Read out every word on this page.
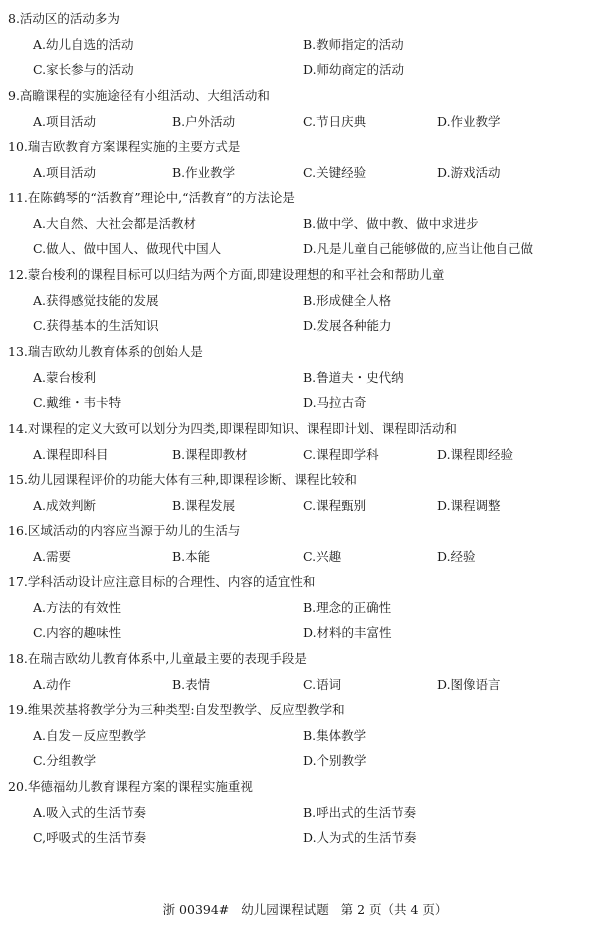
8.活动区的活动多为
A.幼儿自选的活动	B.教师指定的活动
C.家长参与的活动	D.师幼商定的活动
9.高瞻课程的实施途径有小组活动、大组活动和
A.项目活动	B.户外活动	C.节日庆典	D.作业教学
10.瑞吉欧教育方案课程实施的主要方式是
A.项目活动	B.作业教学	C.关键经验	D.游戏活动
11.在陈鹤琴的“活教育”理论中,“活教育”的方法论是
A.大自然、大社会都是活教材	B.做中学、做中教、做中求进步
C.做人、做中国人、做现代中国人	D.凡是儿童自己能够做的,应当让他自己做
12.蒙台梭利的课程目标可以归结为两个方面,即建设理想的和平社会和帮助儿童
A.获得感觉技能的发展	B.形成健全人格
C.获得基本的生活知识	D.发展各种能力
13.瑞吉欧幼儿教育体系的创始人是
A.蒙台梭利	B.鲁道夫・史代纳
C.戴维・韦卡特	D.马拉古奇
14.对课程的定义大致可以划分为四类,即课程即知识、课程即计划、课程即活动和
A.课程即科目	B.课程即教材	C.课程即学科	D.课程即经验
15.幼儿园课程评价的功能大体有三种,即课程诊断、课程比较和
A.成效判断	B.课程发展	C.课程甄别	D.课程调整
16.区域活动的内容应当源于幼儿的生活与
A.需要	B.本能	C.兴趣	D.经验
17.学科活动设计应注意目标的合理性、内容的适宜性和
A.方法的有效性	B.理念的正确性
C.内容的趣味性	D.材料的丰富性
18.在瑞吉欧幼儿教育体系中,儿童最主要的表现手段是
A.动作	B.表情	C.语词	D.图像语言
19.维果茨基将教学分为三种类型:自发型教学、反应型教学和
A.自发－反应型教学	B.集体教学
C.分组教学	D.个别教学
20.华德福幼儿教育课程方案的课程实施重视
A.吸入式的生活节奏	B.呼出式的生活节奏
C,呼吸式的生活节奏	D.人为式的生活节奏
浙 00394#   幼儿园课程试题   第 2 页（共 4 页）
